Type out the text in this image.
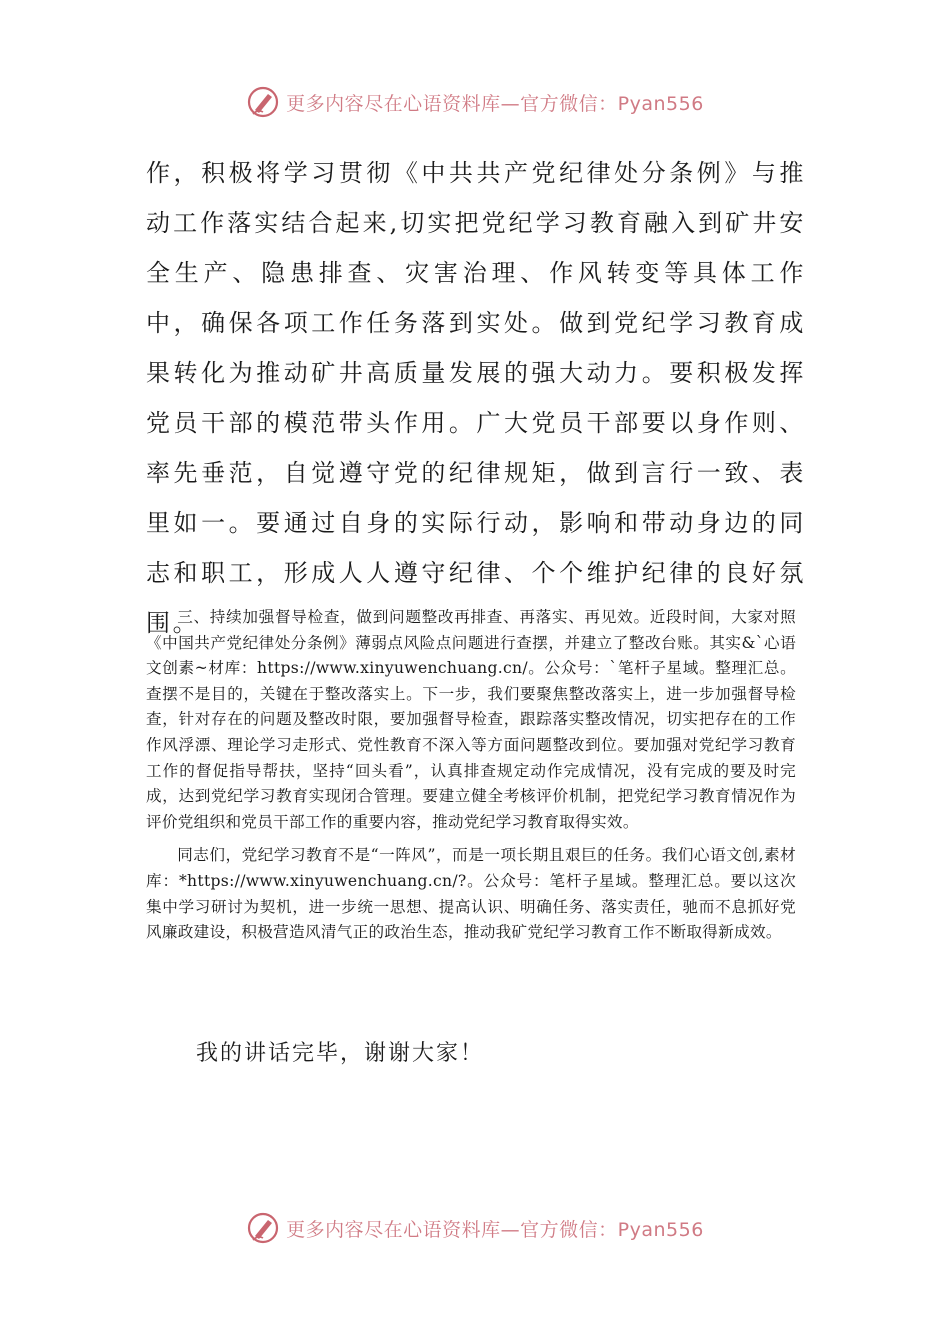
更多内容尽在心语资料库—官方微信：Pyan556

作，积极将学习贯彻《中共共产党纪律处分条例》与推动工作落实结合起来,切实把党纪学习教育融入到矿井安全生产、隐患排查、灾害治理、作风转变等具体工作中，确保各项工作任务落到实处。做到党纪学习教育成果转化为推动矿井高质量发展的强大动力。要积极发挥党员干部的模范带头作用。广大党员干部要以身作则、率先垂范，自觉遵守党的纪律规矩，做到言行一致、表里如一。要通过自身的实际行动，影响和带动身边的同志和职工，形成人人遵守纪律、个个维护纪律的良好氛围。

三、持续加强督导检查，做到问题整改再排查、再落实、再见效。近段时间，大家对照《中国共产党纪律处分条例》薄弱点风险点问题进行查摆，并建立了整改台账。其实&`心语文创素~材库：https://www.xinyuwenchuang.cn/。公众号：`笔杆子星域。整理汇总。查摆不是目的，关键在于整改落实上。下一步，我们要聚焦整改落实上，进一步加强督导检查，针对存在的问题及整改时限，要加强督导检查，跟踪落实整改情况，切实把存在的工作作风浮漂、理论学习走形式、党性教育不深入等方面问题整改到位。要加强对党纪学习教育工作的督促指导帮扶，坚持“回头看”，认真排查规定动作完成情况，没有完成的要及时完成，达到党纪学习教育实现闭合管理。要建立健全考核评价机制，把党纪学习教育情况作为评价党组织和党员干部工作的重要内容，推动党纪学习教育取得实效。

同志们，党纪学习教育不是“一阵风”，而是一项长期且艰巨的任务。我们心语文创,素材库：*https://www.xinyuwenchuang.cn/?。公众号：笔杆子星域。整理汇总。要以这次集中学习研讨为契机，进一步统一思想、提高认识、明确任务、落实责任，驰而不息抓好党风廉政建设，积极营造风清气正的政治生态，推动我矿党纪学习教育工作不断取得新成效。

我的讲话完毕，谢谢大家！

更多内容尽在心语资料库—官方微信：Pyan556
